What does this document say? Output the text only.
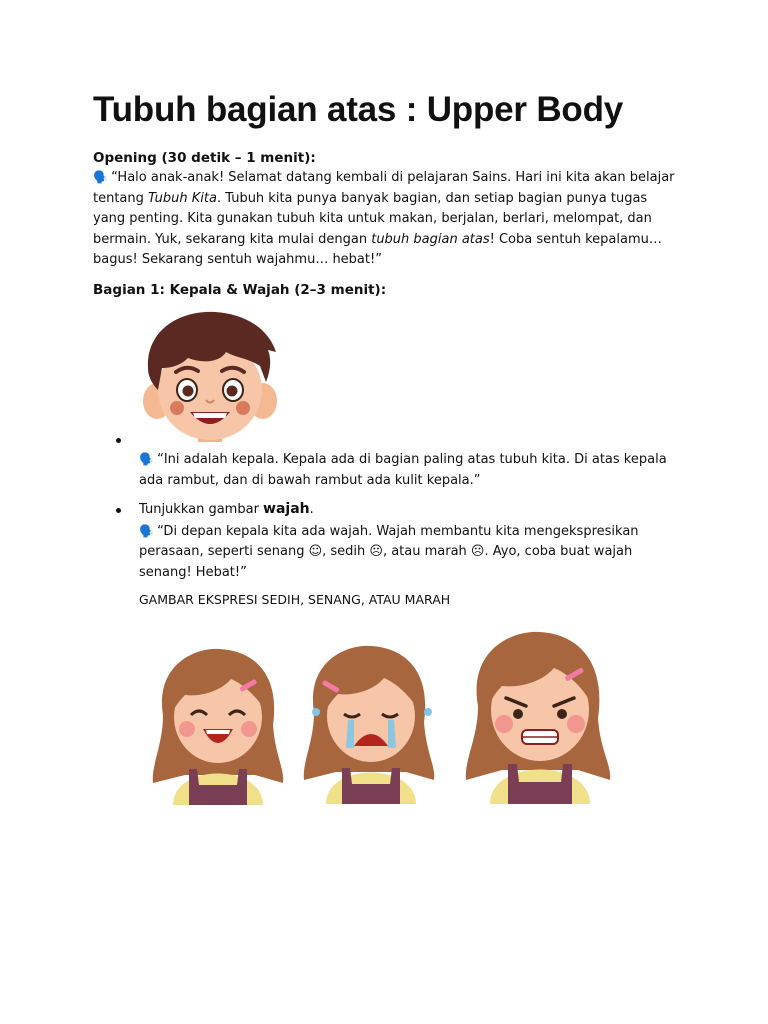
Tubuh bagian atas : Upper Body

Opening (30 detik – 1 menit):

🗣️ “Halo anak-anak! Selamat datang kembali di pelajaran Sains. Hari ini kita akan belajar tentang Tubuh Kita. Tubuh kita punya banyak bagian, dan setiap bagian punya tugas yang penting. Kita gunakan tubuh kita untuk makan, berjalan, berlari, melompat, dan bermain. Yuk, sekarang kita mulai dengan tubuh bagian atas! Coba sentuh kepalamu… bagus! Sekarang sentuh wajahmu… hebat!”

Bagian 1: Kepala & Wajah (2–3 menit):

🗣️ “Ini adalah kepala. Kepala ada di bagian paling atas tubuh kita. Di atas kepala ada rambut, dan di bawah rambut ada kulit kepala.”

Tunjukkan gambar wajah.
🗣️ “Di depan kepala kita ada wajah. Wajah membantu kita mengekspresikan perasaan, seperti senang ☺, sedih ☹, atau marah ☹. Ayo, coba buat wajah senang! Hebat!”

GAMBAR EKSPRESI SEDIH, SENANG, ATAU MARAH
